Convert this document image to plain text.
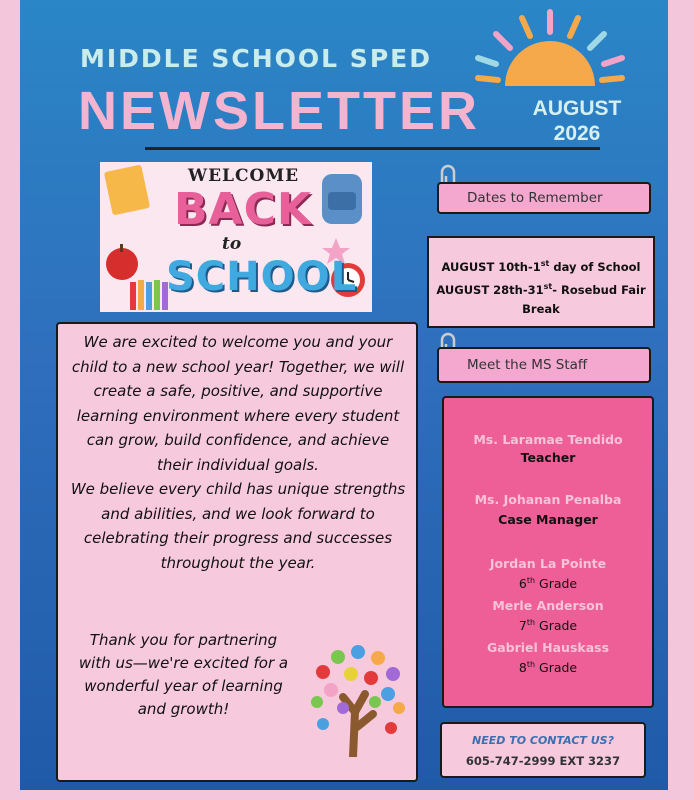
MIDDLE SCHOOL SPED
NEWSLETTER	AUGUST
2026
WELCOME
BACK
to
SCHOOL

We are excited to welcome you and your child to a new school year! Together, we will create a safe, positive, and supportive learning environment where every student can grow, build confidence, and achieve their individual goals.

We believe every child has unique strengths and abilities, and we look forward to celebrating their progress and successes throughout the year.

Thank you for partnering with us—we're excited for a wonderful year of learning and growth!
Dates to Remember
AUGUST 10th-1st day of School
AUGUST 28th-31st- Rosebud Fair Break
Meet the MS Staff
Ms. Laramae Tendido
Teacher
Ms. Johanan Penalba
Case Manager
Jordan La Pointe
6th Grade
Merle Anderson
7th Grade
Gabriel Hauskass
8th Grade
NEED TO CONTACT US?
605-747-2999 EXT 3237
